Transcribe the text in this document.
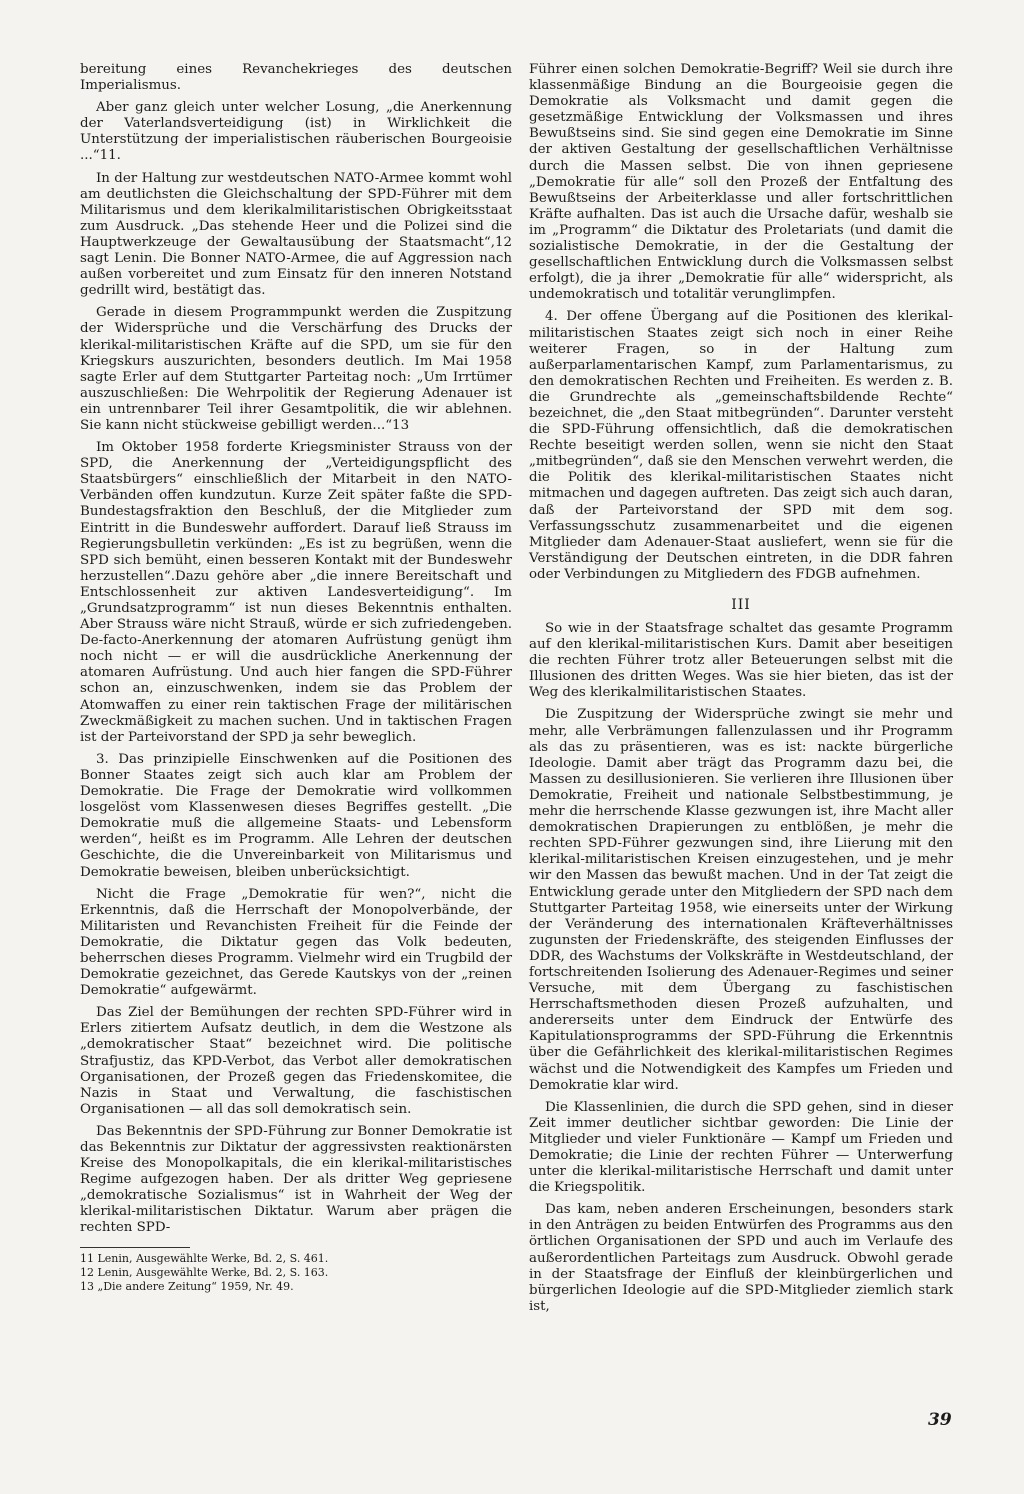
bereitung eines Revanchekrieges des deutschen Imperialismus.

Aber ganz gleich unter welcher Losung, „die Anerkennung der Vaterlandsverteidigung (ist) in Wirklichkeit die Unterstützung der imperialistischen räuberischen Bourgeoisie ...“11.

In der Haltung zur westdeutschen NATO-Armee kommt wohl am deutlichsten die Gleichschaltung der SPD-Führer mit dem Militarismus und dem klerikalmilitaristischen Obrigkeitsstaat zum Ausdruck. „Das stehende Heer und die Polizei sind die Hauptwerkzeuge der Gewaltausübung der Staatsmacht“,12 sagt Lenin. Die Bonner NATO-Armee, die auf Aggression nach außen vorbereitet und zum Einsatz für den inneren Notstand gedrillt wird, bestätigt das.

Gerade in diesem Programmpunkt werden die Zuspitzung der Widersprüche und die Verschärfung des Drucks der klerikal-militaristischen Kräfte auf die SPD, um sie für den Kriegskurs auszurichten, besonders deutlich. Im Mai 1958 sagte Erler auf dem Stuttgarter Parteitag noch: „Um Irrtümer auszuschließen: Die Wehrpolitik der Regierung Adenauer ist ein untrennbarer Teil ihrer Gesamtpolitik, die wir ablehnen. Sie kann nicht stückweise gebilligt werden...“13

Im Oktober 1958 forderte Kriegsminister Strauss von der SPD, die Anerkennung der „Verteidigungspflicht des Staatsbürgers“ einschließlich der Mitarbeit in den NATO-Verbänden offen kundzutun. Kurze Zeit später faßte die SPD-Bundestagsfraktion den Beschluß, der die Mitglieder zum Eintritt in die Bundeswehr auffordert. Darauf ließ Strauss im Regierungsbulletin verkünden: „Es ist zu begrüßen, wenn die SPD sich bemüht, einen besseren Kontakt mit der Bundeswehr herzustellen“.Dazu gehöre aber „die innere Bereitschaft und Entschlossenheit zur aktiven Landesverteidigung“. Im „Grundsatzprogramm“ ist nun dieses Bekenntnis enthalten. Aber Strauss wäre nicht Strauß, würde er sich zufriedengeben. De-facto-Anerkennung der atomaren Aufrüstung genügt ihm noch nicht — er will die ausdrückliche Anerkennung der atomaren Aufrüstung. Und auch hier fangen die SPD-Führer schon an, einzuschwenken, indem sie das Problem der Atomwaffen zu einer rein taktischen Frage der militärischen Zweckmäßigkeit zu machen suchen. Und in taktischen Fragen ist der Parteivorstand der SPD ja sehr beweglich.

3. Das prinzipielle Einschwenken auf die Positionen des Bonner Staates zeigt sich auch klar am Problem der Demokratie. Die Frage der Demokratie wird vollkommen losgelöst vom Klassenwesen dieses Begriffes gestellt. „Die Demokratie muß die allgemeine Staats- und Lebensform werden“, heißt es im Programm. Alle Lehren der deutschen Geschichte, die die Unvereinbarkeit von Militarismus und Demokratie beweisen, bleiben unberücksichtigt.

Nicht die Frage „Demokratie für wen?“, nicht die Erkenntnis, daß die Herrschaft der Monopolverbände, der Militaristen und Revanchisten Freiheit für die Feinde der Demokratie, die Diktatur gegen das Volk bedeuten, beherrschen dieses Programm. Vielmehr wird ein Trugbild der Demokratie gezeichnet, das Gerede Kautskys von der „reinen Demokratie“ aufgewärmt.

Das Ziel der Bemühungen der rechten SPD-Führer wird in Erlers zitiertem Aufsatz deutlich, in dem die Westzone als „demokratischer Staat“ bezeichnet wird. Die politische Strafjustiz, das KPD-Verbot, das Verbot aller demokratischen Organisationen, der Prozeß gegen das Friedenskomitee, die Nazis in Staat und Verwaltung, die faschistischen Organisationen — all das soll demokratisch sein.

Das Bekenntnis der SPD-Führung zur Bonner Demokratie ist das Bekenntnis zur Diktatur der aggressivsten reaktionärsten Kreise des Monopolkapitals, die ein klerikal-militaristisches Regime aufgezogen haben. Der als dritter Weg gepriesene „demokratische Sozialismus“ ist in Wahrheit der Weg der klerikal-militaristischen Diktatur. Warum aber prägen die rechten SPD-

11 Lenin, Ausgewählte Werke, Bd. 2, S. 461.

12 Lenin, Ausgewählte Werke, Bd. 2, S. 163.

13 „Die andere Zeitung“ 1959, Nr. 49.

Führer einen solchen Demokratie-Begriff? Weil sie durch ihre klassenmäßige Bindung an die Bourgeoisie gegen die Demokratie als Volksmacht und damit gegen die gesetzmäßige Entwicklung der Volksmassen und ihres Bewußtseins sind. Sie sind gegen eine Demokratie im Sinne der aktiven Gestaltung der gesellschaftlichen Verhältnisse durch die Massen selbst. Die von ihnen gepriesene „Demokratie für alle“ soll den Prozeß der Entfaltung des Bewußtseins der Arbeiterklasse und aller fortschrittlichen Kräfte aufhalten. Das ist auch die Ursache dafür, weshalb sie im „Programm“ die Diktatur des Proletariats (und damit die sozialistische Demokratie, in der die Gestaltung der gesellschaftlichen Entwicklung durch die Volksmassen selbst erfolgt), die ja ihrer „Demokratie für alle“ widerspricht, als undemokratisch und totalitär verunglimpfen.

4. Der offene Übergang auf die Positionen des klerikal-militaristischen Staates zeigt sich noch in einer Reihe weiterer Fragen, so in der Haltung zum außerparlamentarischen Kampf, zum Parlamentarismus, zu den demokratischen Rechten und Freiheiten. Es werden z. B. die Grundrechte als „gemeinschaftsbildende Rechte“ bezeichnet, die „den Staat mitbegründen“. Darunter versteht die SPD-Führung offensichtlich, daß die demokratischen Rechte beseitigt werden sollen, wenn sie nicht den Staat „mitbegründen“, daß sie den Menschen verwehrt werden, die die Politik des klerikal-militaristischen Staates nicht mitmachen und dagegen auftreten. Das zeigt sich auch daran, daß der Parteivorstand der SPD mit dem sog. Verfassungsschutz zusammenarbeitet und die eigenen Mitglieder dam Adenauer-Staat ausliefert, wenn sie für die Verständigung der Deutschen eintreten, in die DDR fahren oder Verbindungen zu Mitgliedern des FDGB aufnehmen.

III

So wie in der Staatsfrage schaltet das gesamte Programm auf den klerikal-militaristischen Kurs. Damit aber beseitigen die rechten Führer trotz aller Beteuerungen selbst mit die Illusionen des dritten Weges. Was sie hier bieten, das ist der Weg des klerikalmilitaristischen Staates.

Die Zuspitzung der Widersprüche zwingt sie mehr und mehr, alle Verbrämungen fallenzulassen und ihr Programm als das zu präsentieren, was es ist: nackte bürgerliche Ideologie. Damit aber trägt das Programm dazu bei, die Massen zu desillusionieren. Sie verlieren ihre Illusionen über Demokratie, Freiheit und nationale Selbstbestimmung, je mehr die herrschende Klasse gezwungen ist, ihre Macht aller demokratischen Drapierungen zu entblößen, je mehr die rechten SPD-Führer gezwungen sind, ihre Liierung mit den klerikal-militaristischen Kreisen einzugestehen, und je mehr wir den Massen das bewußt machen. Und in der Tat zeigt die Entwicklung gerade unter den Mitgliedern der SPD nach dem Stuttgarter Parteitag 1958, wie einerseits unter der Wirkung der Veränderung des internationalen Kräfteverhältnisses zugunsten der Friedenskräfte, des steigenden Einflusses der DDR, des Wachstums der Volkskräfte in Westdeutschland, der fortschreitenden Isolierung des Adenauer-Regimes und seiner Versuche, mit dem Übergang zu faschistischen Herrschaftsmethoden diesen Prozeß aufzuhalten, und andererseits unter dem Eindruck der Entwürfe des Kapitulationsprogramms der SPD-Führung die Erkenntnis über die Gefährlichkeit des klerikal-militaristischen Regimes wächst und die Notwendigkeit des Kampfes um Frieden und Demokratie klar wird.

Die Klassenlinien, die durch die SPD gehen, sind in dieser Zeit immer deutlicher sichtbar geworden: Die Linie der Mitglieder und vieler Funktionäre — Kampf um Frieden und Demokratie; die Linie der rechten Führer — Unterwerfung unter die klerikal-militaristische Herrschaft und damit unter die Kriegspolitik.

Das kam, neben anderen Erscheinungen, besonders stark in den Anträgen zu beiden Entwürfen des Programms aus den örtlichen Organisationen der SPD und auch im Verlaufe des außerordentlichen Parteitags zum Ausdruck. Obwohl gerade in der Staatsfrage der Einfluß der kleinbürgerlichen und bürgerlichen Ideologie auf die SPD-Mitglieder ziemlich stark ist,

39
